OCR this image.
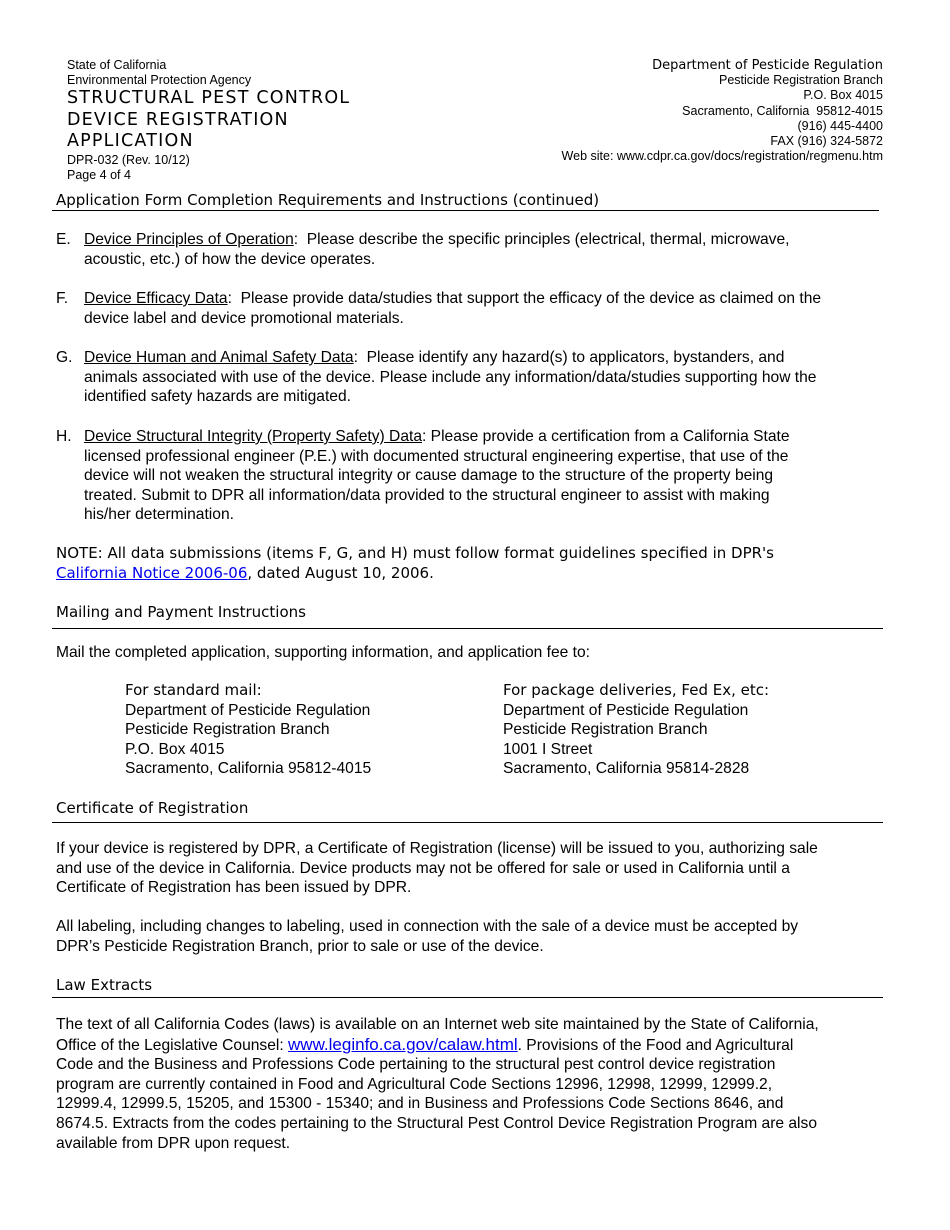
State of California
Environmental Protection Agency
STRUCTURAL PEST CONTROL
DEVICE REGISTRATION
APPLICATION
DPR-032 (Rev. 10/12)
Page 4 of 4
Department of Pesticide Regulation
Pesticide Registration Branch
P.O. Box 4015
Sacramento, California  95812-4015
(916) 445-4400
FAX (916) 324-5872
Web site: www.cdpr.ca.gov/docs/registration/regmenu.htm
Application Form Completion Requirements and Instructions (continued)
E. Device Principles of Operation:  Please describe the specific principles (electrical, thermal, microwave,
acoustic, etc.) of how the device operates.
F. Device Efficacy Data:  Please provide data/studies that support the efficacy of the device as claimed on the
device label and device promotional materials.
G. Device Human and Animal Safety Data:  Please identify any hazard(s) to applicators, bystanders, and
animals associated with use of the device. Please include any information/data/studies supporting how the
identified safety hazards are mitigated.
H. Device Structural Integrity (Property Safety) Data: Please provide a certification from a California State
licensed professional engineer (P.E.) with documented structural engineering expertise, that use of the
device will not weaken the structural integrity or cause damage to the structure of the property being
treated. Submit to DPR all information/data provided to the structural engineer to assist with making
his/her determination.
NOTE: All data submissions (items F, G, and H) must follow format guidelines specified in DPR's
California Notice 2006-06, dated August 10, 2006.
Mailing and Payment Instructions
Mail the completed application, supporting information, and application fee to:
For standard mail:
Department of Pesticide Regulation
Pesticide Registration Branch
P.O. Box 4015
Sacramento, California 95812-4015
For package deliveries, Fed Ex, etc:
Department of Pesticide Regulation
Pesticide Registration Branch
1001 I Street
Sacramento, California 95814-2828
Certificate of Registration
If your device is registered by DPR, a Certificate of Registration (license) will be issued to you, authorizing sale
and use of the device in California. Device products may not be offered for sale or used in California until a
Certificate of Registration has been issued by DPR.
All labeling, including changes to labeling, used in connection with the sale of a device must be accepted by
DPR’s Pesticide Registration Branch, prior to sale or use of the device.
Law Extracts
The text of all California Codes (laws) is available on an Internet web site maintained by the State of California,
Office of the Legislative Counsel: www.leginfo.ca.gov/calaw.html. Provisions of the Food and Agricultural
Code and the Business and Professions Code pertaining to the structural pest control device registration
program are currently contained in Food and Agricultural Code Sections 12996, 12998, 12999, 12999.2,
12999.4, 12999.5, 15205, and 15300 - 15340; and in Business and Professions Code Sections 8646, and
8674.5. Extracts from the codes pertaining to the Structural Pest Control Device Registration Program are also
available from DPR upon request.
